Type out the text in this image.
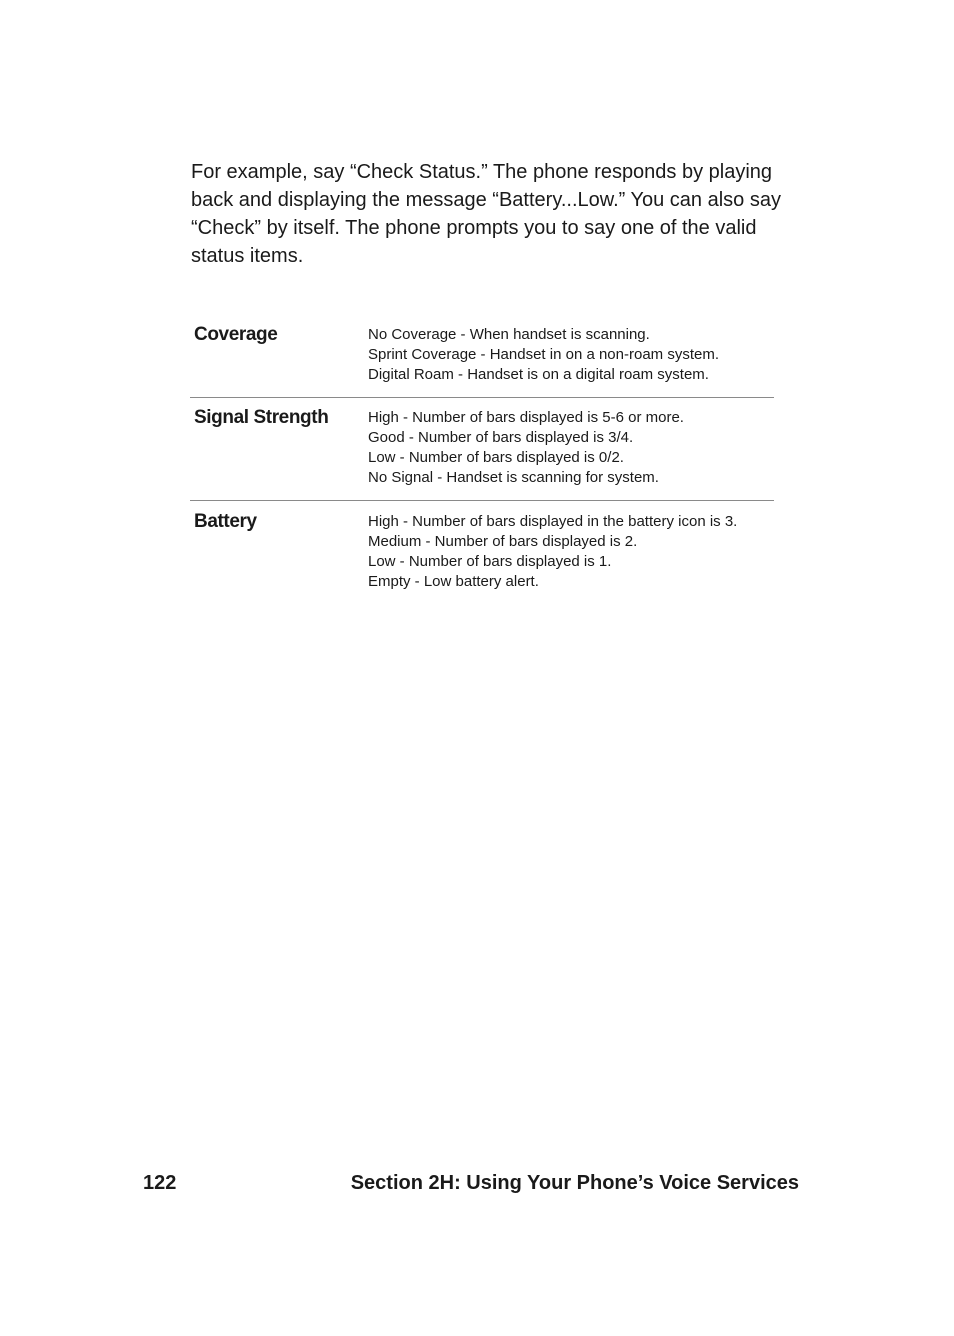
For example, say “Check Status.” The phone responds by playing back and displaying the message “Battery...Low.” You can also say “Check” by itself. The phone prompts you to say one of the valid status items.

Coverage	No Coverage - When handset is scanning.
Sprint Coverage - Handset in on a non-roam system.
Digital Roam - Handset is on a digital roam system.
Signal Strength	High - Number of bars displayed is 5-6 or more.
Good - Number of bars displayed is 3/4.
Low - Number of bars displayed is 0/2.
No Signal - Handset is scanning for system.
Battery	High - Number of bars displayed in the battery icon is 3.
Medium - Number of bars displayed is 2.
Low - Number of bars displayed is 1.
Empty - Low battery alert.
122	Section 2H: Using Your Phone’s Voice Services
